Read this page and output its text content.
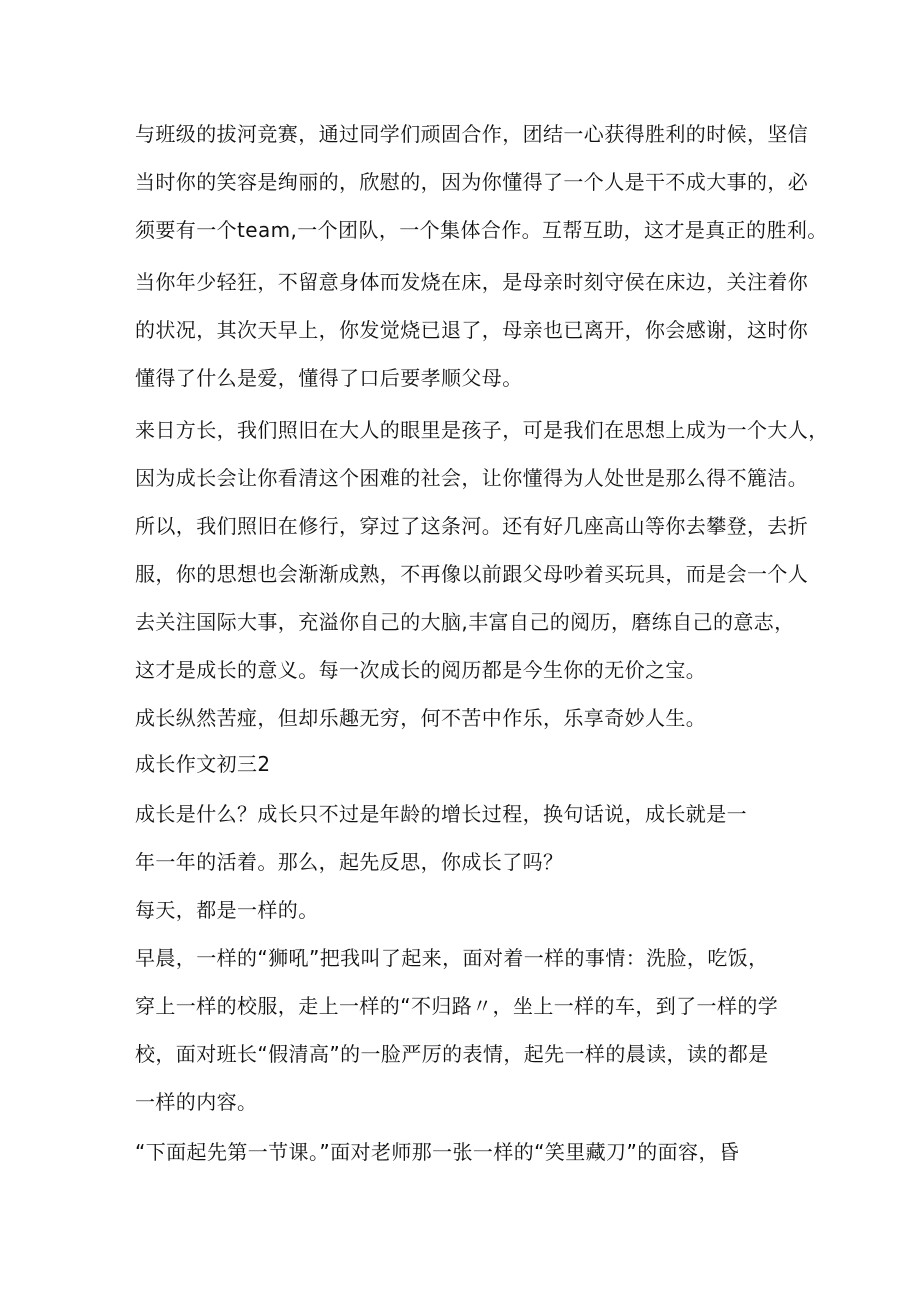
与班级的拔河竞赛，通过同学们顽固合作，团结一心获得胜利的时候，坚信
当时你的笑容是绚丽的，欣慰的，因为你懂得了一个人是干不成大事的，必
须要有一个team,一个团队，一个集体合作。互帮互助，这才是真正的胜利。
当你年少轻狂，不留意身体而发烧在床，是母亲时刻守侯在床边，关注着你
的状况，其次天早上，你发觉烧已退了，母亲也已离开，你会感谢，这时你
懂得了什么是爱，懂得了口后要孝顺父母。
来日方长，我们照旧在大人的眼里是孩子，可是我们在思想上成为一个大人，
因为成长会让你看清这个困难的社会，让你懂得为人处世是那么得不簏洁。
所以，我们照旧在修行，穿过了这条河。还有好几座高山等你去攀登，去折
服，你的思想也会渐渐成熟，不再像以前跟父母吵着买玩具，而是会一个人
去关注国际大事，充溢你自己的大脑,丰富自己的阅历，磨练自己的意志，
这才是成长的意义。每一次成长的阅历都是今生你的无价之宝。
成长纵然苦痖，但却乐趣无穷，何不苦中作乐，乐享奇妙人生。
成长作文初三2
成长是什么？成长只不过是年龄的增长过程，换句话说，成长就是一
年一年的活着。那么，起先反思，你成长了吗？
每天，都是一样的。
早晨，一样的“狮吼”把我叫了起来，面对着一样的事情：洗脸，吃饭，
穿上一样的校服，走上一样的“不归路〃，坐上一样的车，到了一样的学
校，面对班长“假清高”的一脸严厉的表情，起先一样的晨读，读的都是
一样的内容。
“下面起先第一节课。”面对老师那一张一样的“笑里藏刀”的面容，昏
